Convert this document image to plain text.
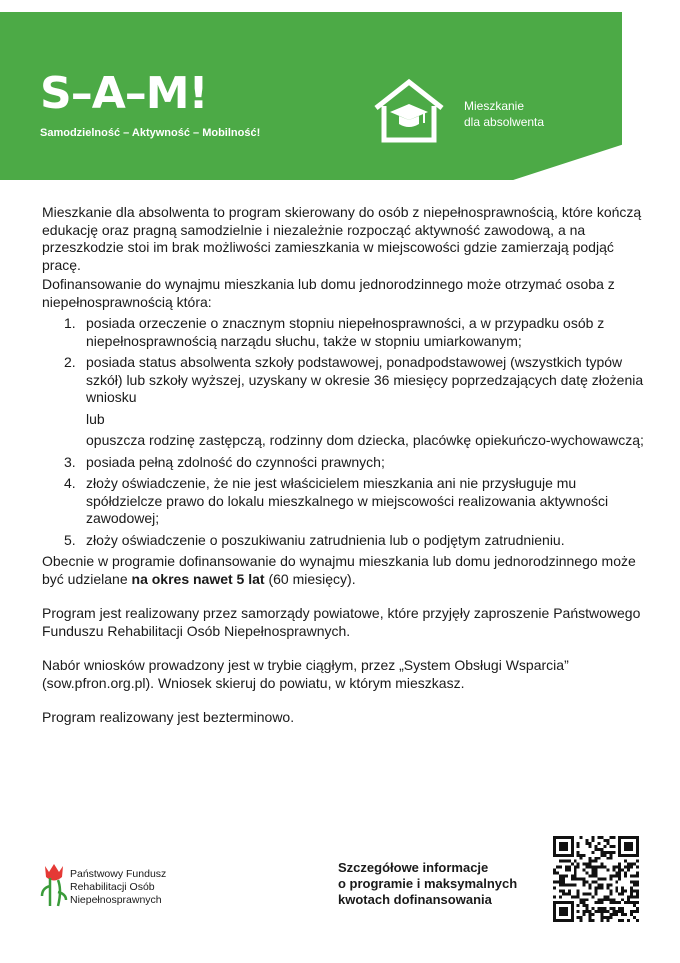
S–A–M!
Samodzielność – Aktywność – Mobilność!
Mieszkanie
dla absolwenta

Mieszkanie dla absolwenta to program skierowany do osób z niepełnosprawnością, które kończą edukację oraz pragną samodzielnie i niezależnie rozpocząć aktywność zawodową, a na przeszkodzie stoi im brak możliwości zamieszkania w miejscowości gdzie zamierzają podjąć pracę.

Dofinansowanie do wynajmu mieszkania lub domu jednorodzinnego może otrzymać osoba z niepełnosprawnością która:

1. posiada orzeczenie o znacznym stopniu niepełnosprawności, a w przypadku osób z niepełnosprawnością narządu słuchu, także w stopniu umiarkowanym;
2. posiada status absolwenta szkoły podstawowej, ponadpodstawowej (wszystkich typów szkół) lub szkoły wyższej, uzyskany w okresie 36 miesięcy poprzedzających datę złożenia wniosku
lub
opuszcza rodzinę zastępczą, rodzinny dom dziecka, placówkę opiekuńczo-wychowawczą;
3. posiada pełną zdolność do czynności prawnych;
4. złoży oświadczenie, że nie jest właścicielem mieszkania ani nie przysługuje mu spółdzielcze prawo do lokalu mieszkalnego w miejscowości realizowania aktywności zawodowej;
5. złoży oświadczenie o poszukiwaniu zatrudnienia lub o podjętym zatrudnieniu.

Obecnie w programie dofinansowanie do wynajmu mieszkania lub domu jednorodzinnego może być udzielane na okres nawet 5 lat (60 miesięcy).

Program jest realizowany przez samorządy powiatowe, które przyjęły zaproszenie Państwowego Funduszu Rehabilitacji Osób Niepełnosprawnych.

Nabór wniosków prowadzony jest w trybie ciągłym, przez „System Obsługi Wsparcia” (sow.pfron.org.pl). Wniosek skieruj do powiatu, w którym mieszkasz.

Program realizowany jest bezterminowo.

Państwowy Fundusz
Rehabilitacji Osób
Niepełnosprawnych
Szczegółowe informacje
o programie i maksymalnych
kwotach dofinansowania
